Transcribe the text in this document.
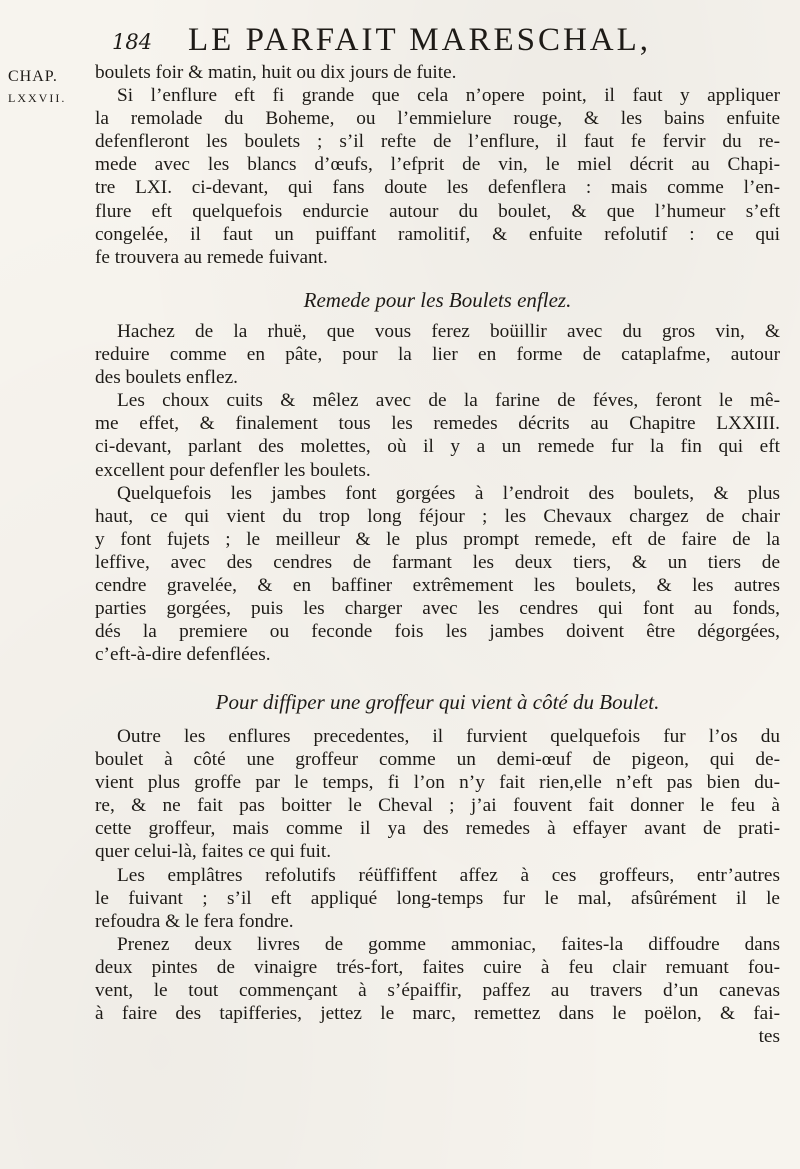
184 LE PARFAIT MARESCHAL,
CHAP.
LXXVII.
boulets foir & matin, huit ou dix jours de fuite.
Si l’enflure eft fi grande que cela n’opere point, il faut y appliquer
la remolade du Boheme, ou l’emmielure rouge, & les bains enfuite
defenfleront les boulets ; s’il refte de l’enflure, il faut fe fervir du re-
mede avec les blancs d’œufs, l’efprit de vin, le miel décrit au Chapi-
tre LXI. ci-devant, qui fans doute les defenflera : mais comme l’en-
flure eft quelquefois endurcie autour du boulet, & que l’humeur s’eft
congelée, il faut un puiffant ramolitif, & enfuite refolutif : ce qui
fe trouvera au remede fuivant.
Remede pour les Boulets enflez.
Hachez de la rhuë, que vous ferez boüillir avec du gros vin, &
reduire comme en pâte, pour la lier en forme de cataplafme, autour
des boulets enflez.
Les choux cuits & mêlez avec de la farine de féves, feront le mê-
me effet, & finalement tous les remedes décrits au Chapitre LXXIII.
ci-devant, parlant des molettes, où il y a un remede fur la fin qui eft
excellent pour defenfler les boulets.
Quelquefois les jambes font gorgées à l’endroit des boulets, & plus
haut, ce qui vient du trop long féjour ; les Chevaux chargez de chair
y font fujets ; le meilleur & le plus prompt remede, eft de faire de la
leffive, avec des cendres de farmant les deux tiers, & un tiers de
cendre gravelée, & en baffiner extrêmement les boulets, & les autres
parties gorgées, puis les charger avec les cendres qui font au fonds,
dés la premiere ou feconde fois les jambes doivent être dégorgées,
c’eft-à-dire defenflées.
Pour diffiper une groffeur qui vient à côté du Boulet.
Outre les enflures precedentes, il furvient quelquefois fur l’os du
boulet à côté une groffeur comme un demi-œuf de pigeon, qui de-
vient plus groffe par le temps, fi l’on n’y fait rien,elle n’eft pas bien du-
re, & ne fait pas boitter le Cheval ; j’ai fouvent fait donner le feu à
cette groffeur, mais comme il ya des remedes à effayer avant de prati-
quer celui-là, faites ce qui fuit.
Les emplâtres refolutifs réüffiffent affez à ces groffeurs, entr’autres
le fuivant ; s’il eft appliqué long-temps fur le mal, afsûrément il le
refoudra & le fera fondre.
Prenez deux livres de gomme ammoniac, faites-la diffoudre dans
deux pintes de vinaigre trés-fort, faites cuire à feu clair remuant fou-
vent, le tout commençant à s’épaiffir, paffez au travers d’un canevas
à faire des tapifferies, jettez le marc, remettez dans le poëlon, & fai-
tes
